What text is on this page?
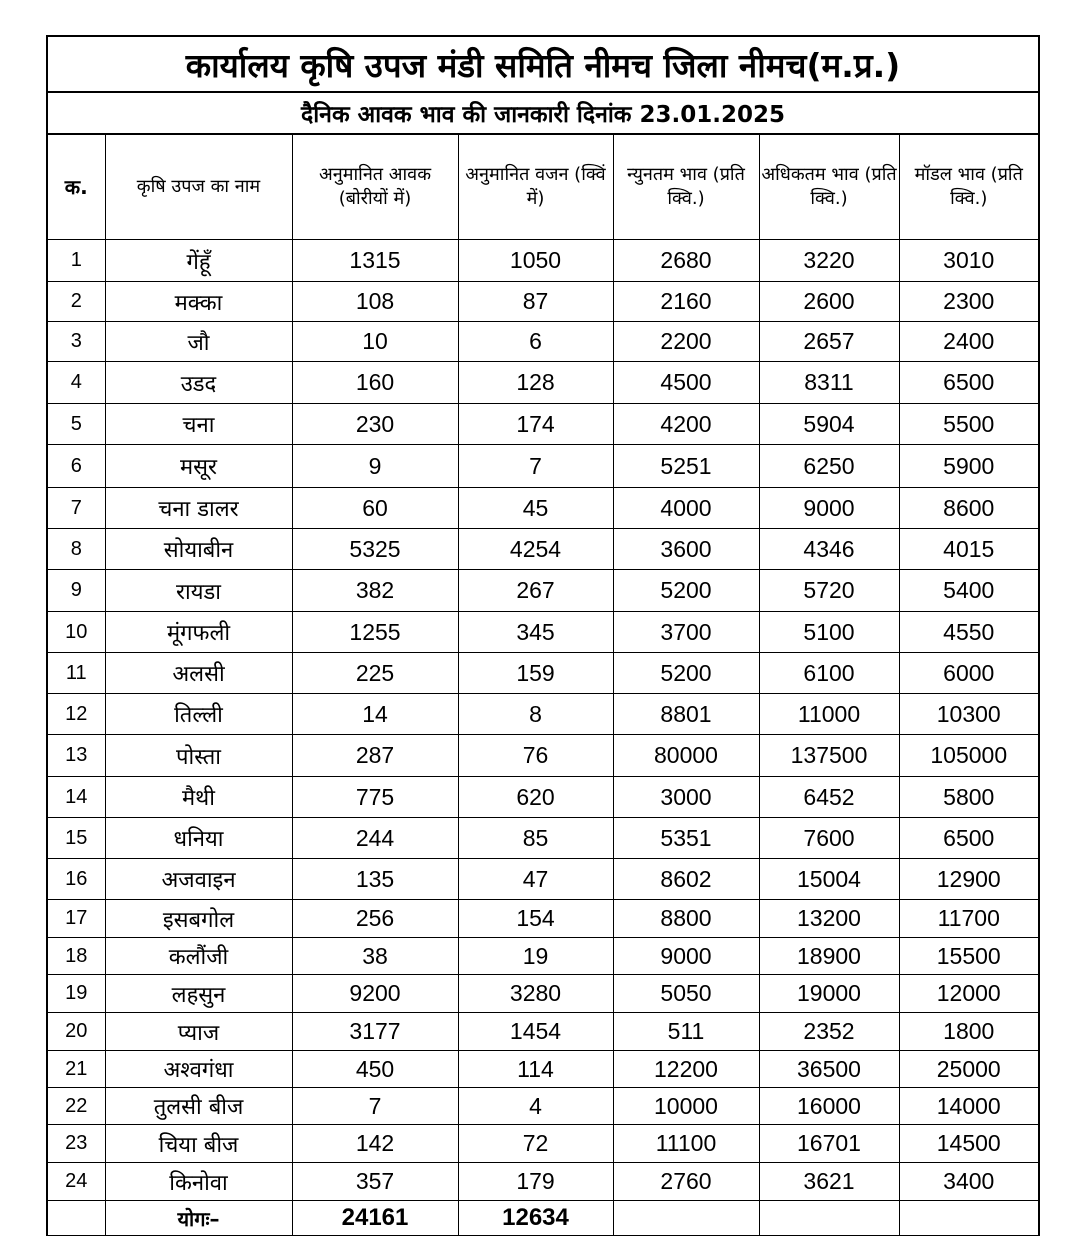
कार्यालय कृषि उपज मंडी समिति नीमच जिला नीमच(म.प्र.)
दैनिक आवक भाव की जानकारी दिनांक 23.01.2025
क.	कृषि उपज का नाम	अनुमानित आवक (बोरीयों में)	अनुमानित वजन (क्विं में)	न्युनतम भाव (प्रति क्वि.)	अधिकतम भाव (प्रति क्वि.)	मॉडल भाव (प्रति क्वि.)
1	गेंहूँ	1315	1050	2680	3220	3010
2	मक्का	108	87	2160	2600	2300
3	जौ	10	6	2200	2657	2400
4	उडद	160	128	4500	8311	6500
5	चना	230	174	4200	5904	5500
6	मसूर	9	7	5251	6250	5900
7	चना डालर	60	45	4000	9000	8600
8	सोयाबीन	5325	4254	3600	4346	4015
9	रायडा	382	267	5200	5720	5400
10	मूंगफली	1255	345	3700	5100	4550
11	अलसी	225	159	5200	6100	6000
12	तिल्ली	14	8	8801	11000	10300
13	पोस्ता	287	76	80000	137500	105000
14	मैथी	775	620	3000	6452	5800
15	धनिया	244	85	5351	7600	6500
16	अजवाइन	135	47	8602	15004	12900
17	इसबगोल	256	154	8800	13200	11700
18	कलौंजी	38	19	9000	18900	15500
19	लहसुन	9200	3280	5050	19000	12000
20	प्याज	3177	1454	511	2352	1800
21	अश्वगंधा	450	114	12200	36500	25000
22	तुलसी बीज	7	4	10000	16000	14000
23	चिया बीज	142	72	11100	16701	14500
24	किनोवा	357	179	2760	3621	3400
	योगः–	24161	12634			
